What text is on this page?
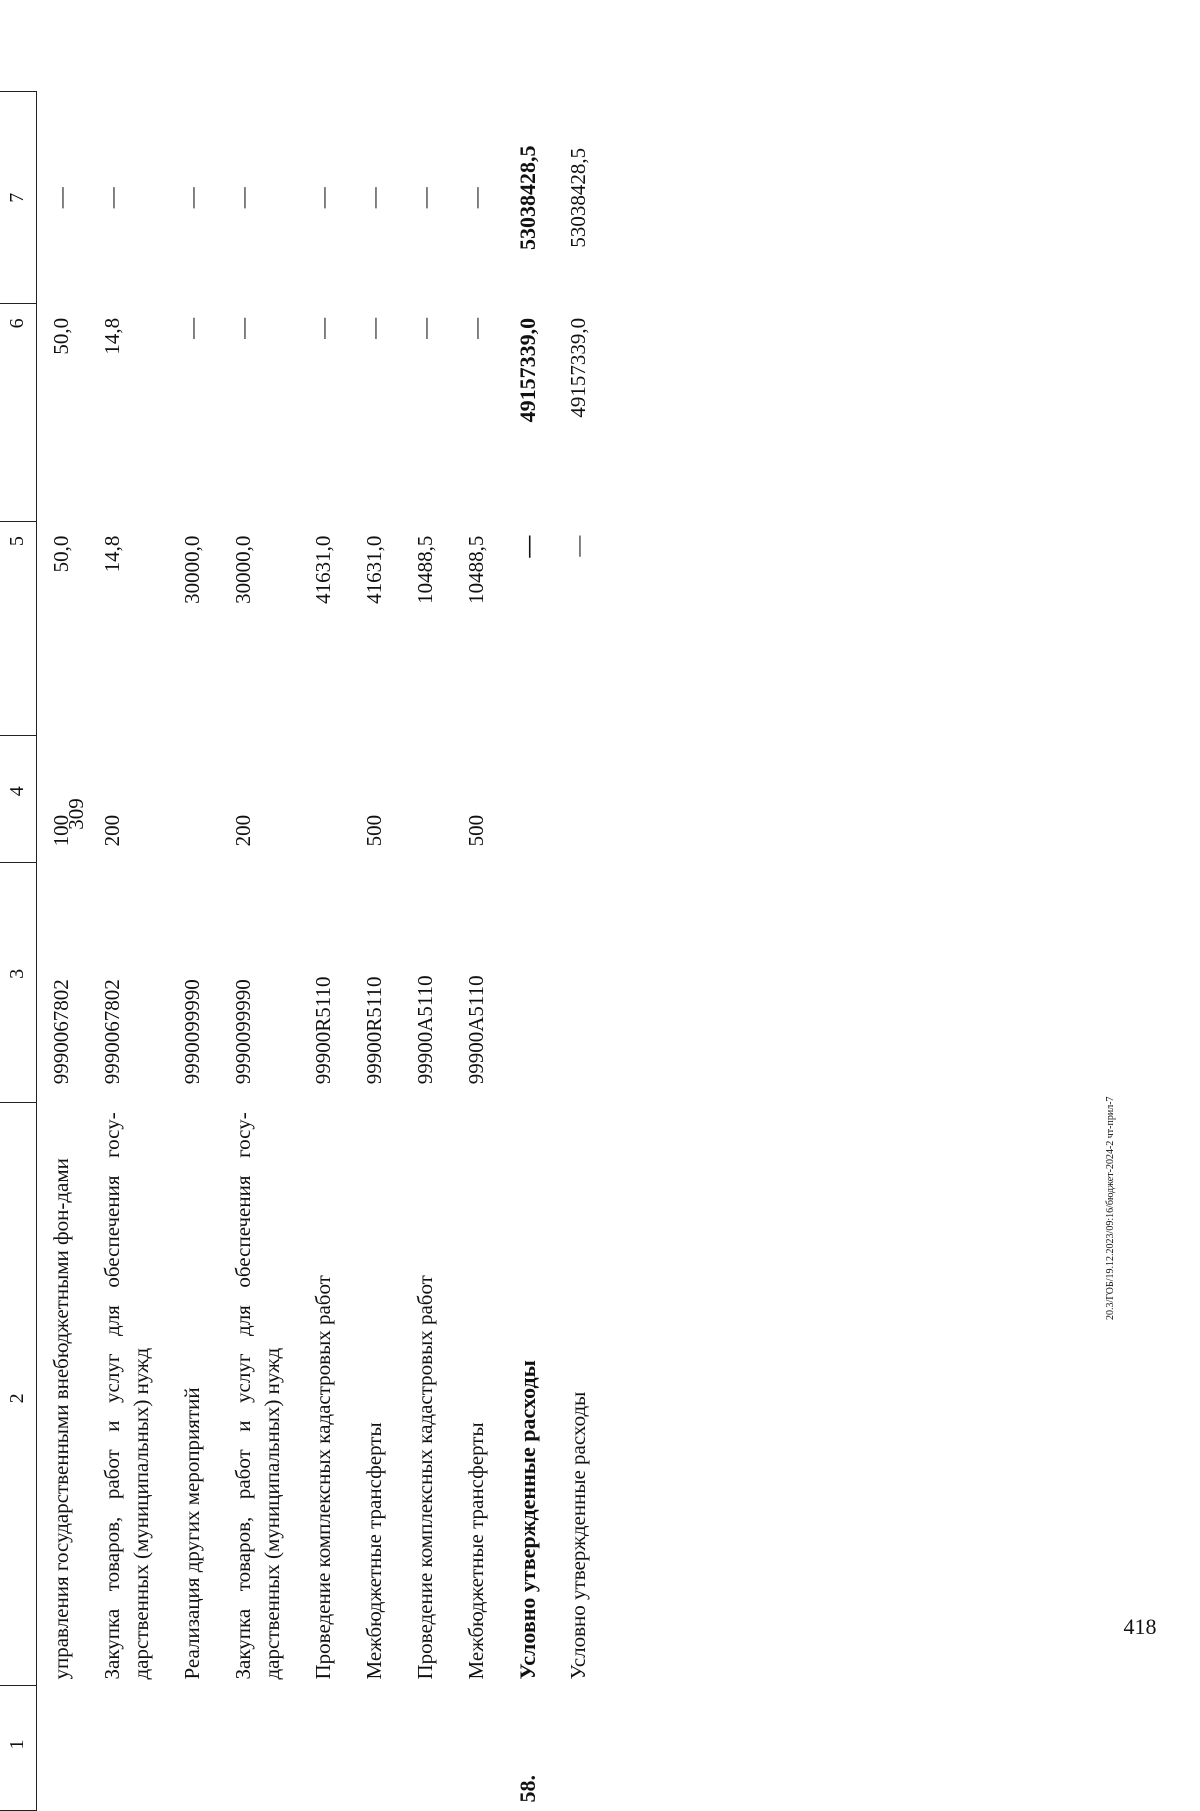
309
418
20.3/ГОБ/19.12.2023/09:16/бюджет-2024-2 чт-прил-7
1	2	3	4	5	6	7
	управления государственными внебюджетными фон-дами	9990067802	100	50,0	50,0	—
	Закупка товаров, работ и услуг для обеспечения госу-дарственных (муниципальных) нужд	9990067802	200	14,8	14,8	—
	Реализация других мероприятий	9990099990		30000,0	—	—
	Закупка товаров, работ и услуг для обеспечения госу-дарственных (муниципальных) нужд	9990099990	200	30000,0	—	—
	Проведение комплексных кадастровых работ	99900R5110		41631,0	—	—
	Межбюджетные трансферты	99900R5110	500	41631,0	—	—
	Проведение комплексных кадастровых работ	99900A5110		10488,5	—	—
	Межбюджетные трансферты	99900A5110	500	10488,5	—	—
58.	Условно утвержденные расходы			—	49157339,0	53038428,5
	Условно утвержденные расходы			—	49157339,0	53038428,5
